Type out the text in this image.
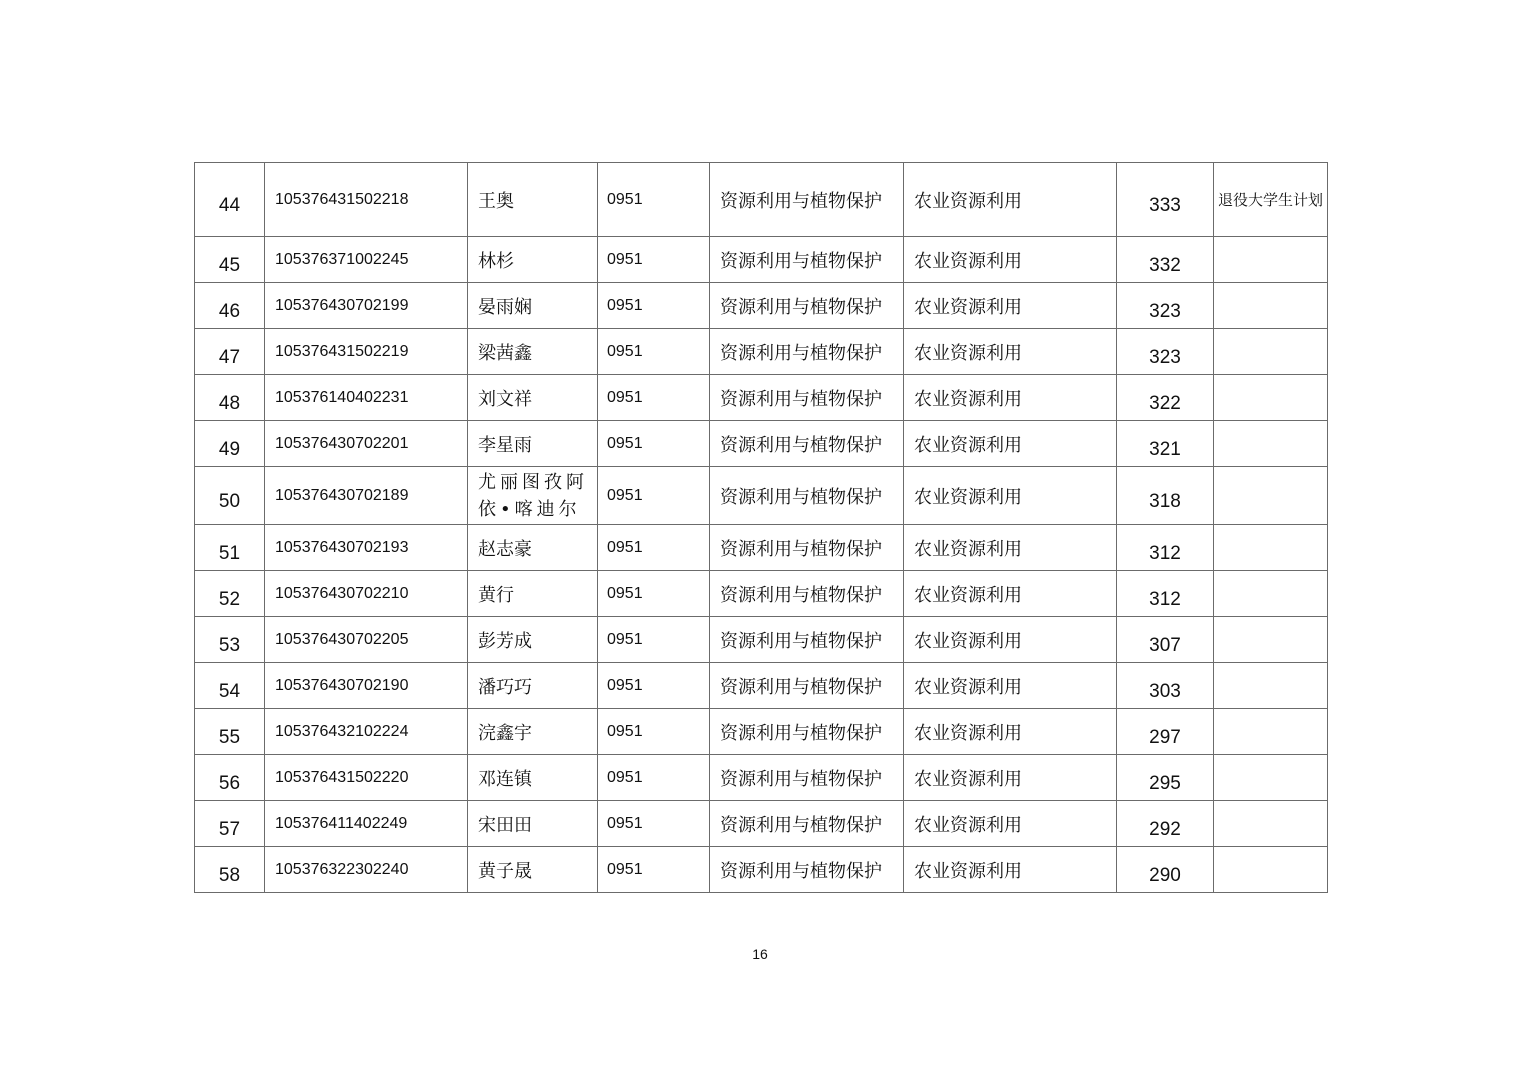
44	105376431502218	王奥	0951	资源利用与植物保护	农业资源利用	333	退役大学生计划
45	105376371002245	林杉	0951	资源利用与植物保护	农业资源利用	332	
46	105376430702199	晏雨娴	0951	资源利用与植物保护	农业资源利用	323	
47	105376431502219	梁茜鑫	0951	资源利用与植物保护	农业资源利用	323	
48	105376140402231	刘文祥	0951	资源利用与植物保护	农业资源利用	322	
49	105376430702201	李星雨	0951	资源利用与植物保护	农业资源利用	321	
50	105376430702189	尤丽图孜阿依•喀迪尔	0951	资源利用与植物保护	农业资源利用	318	
51	105376430702193	赵志豪	0951	资源利用与植物保护	农业资源利用	312	
52	105376430702210	黄行	0951	资源利用与植物保护	农业资源利用	312	
53	105376430702205	彭芳成	0951	资源利用与植物保护	农业资源利用	307	
54	105376430702190	潘巧巧	0951	资源利用与植物保护	农业资源利用	303	
55	105376432102224	浣鑫宇	0951	资源利用与植物保护	农业资源利用	297	
56	105376431502220	邓连镇	0951	资源利用与植物保护	农业资源利用	295	
57	105376411402249	宋田田	0951	资源利用与植物保护	农业资源利用	292	
58	105376322302240	黄子晟	0951	资源利用与植物保护	农业资源利用	290	
16
